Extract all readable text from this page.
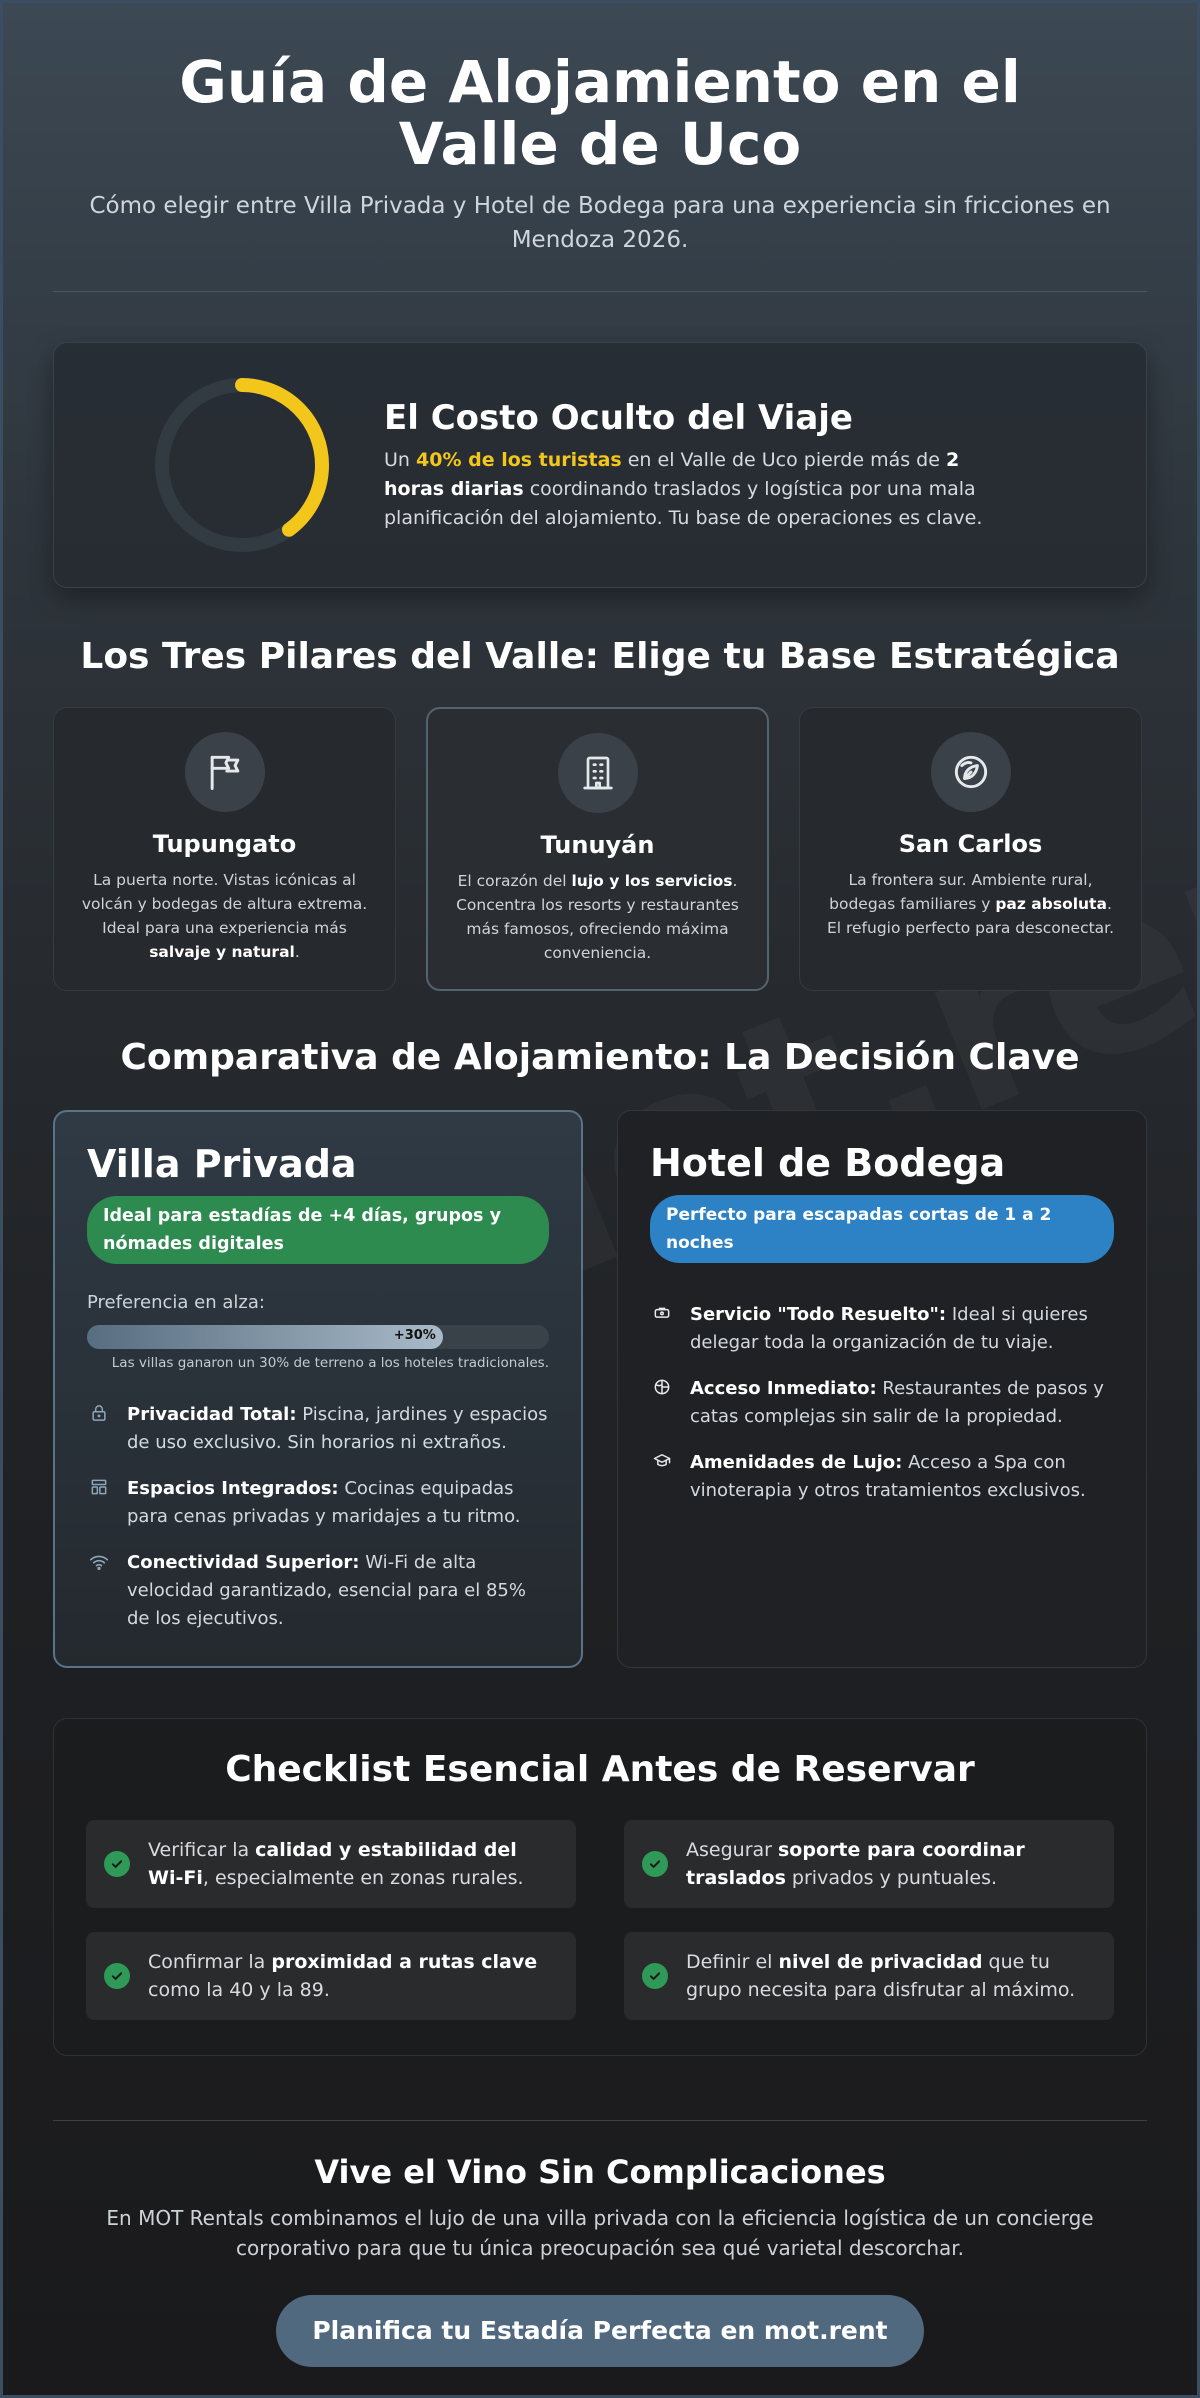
Guía de Alojamiento en el Valle de Uco

Cómo elegir entre Villa Privada y Hotel de Bodega para una experiencia sin fricciones en Mendoza 2026.

El Costo Oculto del Viaje

Un 40% de los turistas en el Valle de Uco pierde más de 2 horas diarias coordinando traslados y logística por una mala planificación del alojamiento. Tu base de operaciones es clave.

Los Tres Pilares del Valle: Elige tu Base Estratégica
Tupungato

La puerta norte. Vistas icónicas al volcán y bodegas de altura extrema. Ideal para una experiencia más salvaje y natural.

Tunuyán

El corazón del lujo y los servicios. Concentra los resorts y restaurantes más famosos, ofreciendo máxima conveniencia.

San Carlos

La frontera sur. Ambiente rural, bodegas familiares y paz absoluta. El refugio perfecto para desconectar.

Comparativa de Alojamiento: La Decisión Clave
Villa Privada
Ideal para estadías de +4 días, grupos y nómades digitales
Preferencia en alza:
+30%
Las villas ganaron un 30% de terreno a los hoteles tradicionales.

Privacidad Total: Piscina, jardines y espacios de uso exclusivo. Sin horarios ni extraños.

Espacios Integrados: Cocinas equipadas para cenas privadas y maridajes a tu ritmo.

Conectividad Superior: Wi-Fi de alta velocidad garantizado, esencial para el 85% de los ejecutivos.

Hotel de Bodega
Perfecto para escapadas cortas de 1 a 2 noches

Servicio "Todo Resuelto": Ideal si quieres delegar toda la organización de tu viaje.

Acceso Inmediato: Restaurantes de pasos y catas complejas sin salir de la propiedad.

Amenidades de Lujo: Acceso a Spa con vinoterapia y otros tratamientos exclusivos.

Checklist Esencial Antes de Reservar

Verificar la calidad y estabilidad del Wi-Fi, especialmente en zonas rurales.

Asegurar soporte para coordinar traslados privados y puntuales.

Confirmar la proximidad a rutas clave como la 40 y la 89.

Definir el nivel de privacidad que tu grupo necesita para disfrutar al máximo.

Vive el Vino Sin Complicaciones

En MOT Rentals combinamos el lujo de una villa privada con la eficiencia logística de un concierge corporativo para que tu única preocupación sea qué varietal descorchar.

Planifica tu Estadía Perfecta en mot.rent
